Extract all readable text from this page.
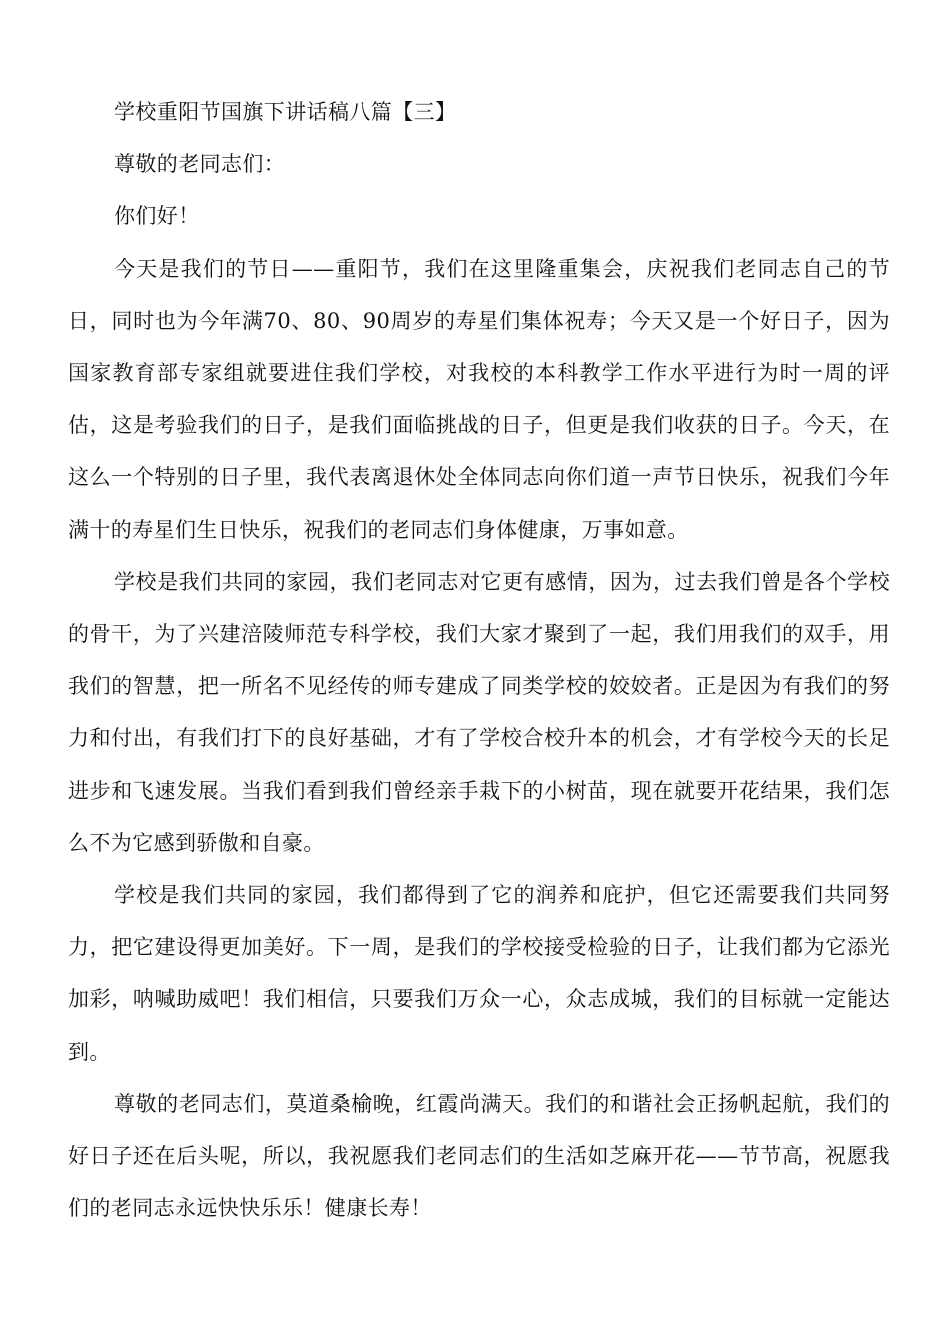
学校重阳节国旗下讲话稿八篇【三】

尊敬的老同志们：

你们好！

今天是我们的节日——重阳节，我们在这里隆重集会，庆祝我们老同志自己的节日，同时也为今年满70、80、90周岁的寿星们集体祝寿；今天又是一个好日子，因为国家教育部专家组就要进住我们学校，对我校的本科教学工作水平进行为时一周的评估，这是考验我们的日子，是我们面临挑战的日子，但更是我们收获的日子。今天，在这么一个特别的日子里，我代表离退休处全体同志向你们道一声节日快乐，祝我们今年满十的寿星们生日快乐，祝我们的老同志们身体健康，万事如意。

学校是我们共同的家园，我们老同志对它更有感情，因为，过去我们曾是各个学校的骨干，为了兴建涪陵师范专科学校，我们大家才聚到了一起，我们用我们的双手，用我们的智慧，把一所名不见经传的师专建成了同类学校的姣姣者。正是因为有我们的努力和付出，有我们打下的良好基础，才有了学校合校升本的机会，才有学校今天的长足进步和飞速发展。当我们看到我们曾经亲手栽下的小树苗，现在就要开花结果，我们怎么不为它感到骄傲和自豪。

学校是我们共同的家园，我们都得到了它的润养和庇护，但它还需要我们共同努力，把它建设得更加美好。下一周，是我们的学校接受检验的日子，让我们都为它添光加彩，呐喊助威吧！我们相信，只要我们万众一心，众志成城，我们的目标就一定能达到。

尊敬的老同志们，莫道桑榆晚，红霞尚满天。我们的和谐社会正扬帆起航，我们的好日子还在后头呢，所以，我祝愿我们老同志们的生活如芝麻开花——节节高，祝愿我们的老同志永远快快乐乐！健康长寿！
